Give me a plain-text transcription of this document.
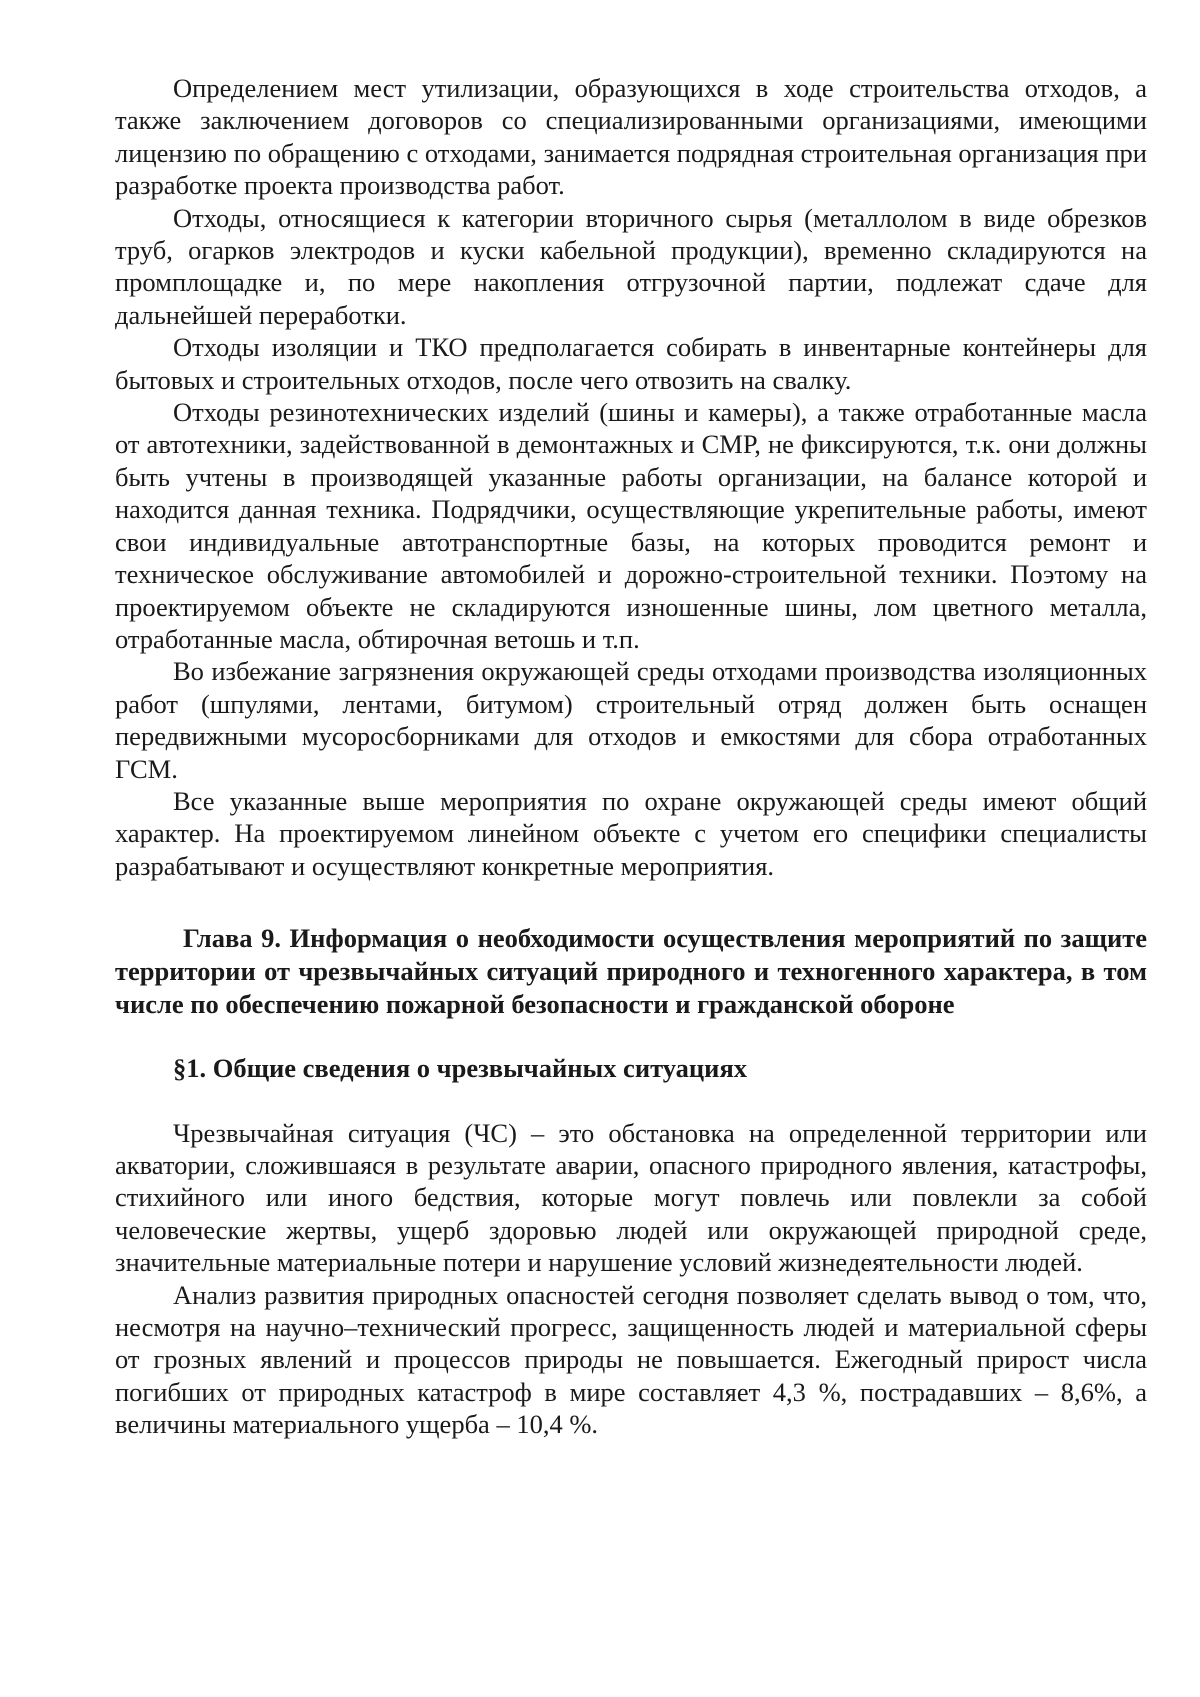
Определением мест утилизации, образующихся в ходе строительства отходов, а также заключением договоров со специализированными организациями, имеющими лицензию по обращению с отходами, занимается подрядная строительная организация при разработке проекта производства работ.

Отходы, относящиеся к категории вторичного сырья (металлолом в виде обрезков труб, огарков электродов и куски кабельной продукции), временно складируются на промплощадке и, по мере накопления отгрузочной партии, подлежат сдаче для дальнейшей переработки.

Отходы изоляции и ТКО предполагается собирать в инвентарные контейнеры для бытовых и строительных отходов, после чего отвозить на свалку.

Отходы резинотехнических изделий (шины и камеры), а также отработанные масла от автотехники, задействованной в демонтажных и СМР, не фиксируются, т.к. они должны быть учтены в производящей указанные работы организации, на балансе которой и находится данная техника. Подрядчики, осуществляющие укрепительные работы, имеют свои индивидуальные автотранспортные базы, на которых проводится ремонт и техническое обслуживание автомобилей и дорожно-строительной техники. Поэтому на проектируемом объекте не складируются изношенные шины, лом цветного металла, отработанные масла, обтирочная ветошь и т.п.

Во избежание загрязнения окружающей среды отходами производства изоляционных работ (шпулями, лентами, битумом) строительный отряд должен быть оснащен передвижными мусоросборниками для отходов и емкостями для сбора отработанных ГСМ.

Все указанные выше мероприятия по охране окружающей среды имеют общий характер. На проектируемом линейном объекте с учетом его специфики специалисты разрабатывают и осуществляют конкретные мероприятия.

Глава 9. Информация о необходимости осуществления мероприятий по защите территории от чрезвычайных ситуаций природного и техногенного характера, в том числе по обеспечению пожарной безопасности и гражданской обороне

§1. Общие сведения о чрезвычайных ситуациях

Чрезвычайная ситуация (ЧС) – это обстановка на определенной территории или акватории, сложившаяся в результате аварии, опасного природного явления, катастрофы, стихийного или иного бедствия, которые могут повлечь или повлекли за собой человеческие жертвы, ущерб здоровью людей или окружающей природной среде, значительные материальные потери и нарушение условий жизнедеятельности людей.

Анализ развития природных опасностей сегодня позволяет сделать вывод о том, что, несмотря на научно–технический прогресс, защищенность людей и материальной сферы от грозных явлений и процессов природы не повышается. Ежегодный прирост числа погибших от природных катастроф в мире составляет 4,3 %, пострадавших – 8,6%, а величины материального ущерба – 10,4 %.
